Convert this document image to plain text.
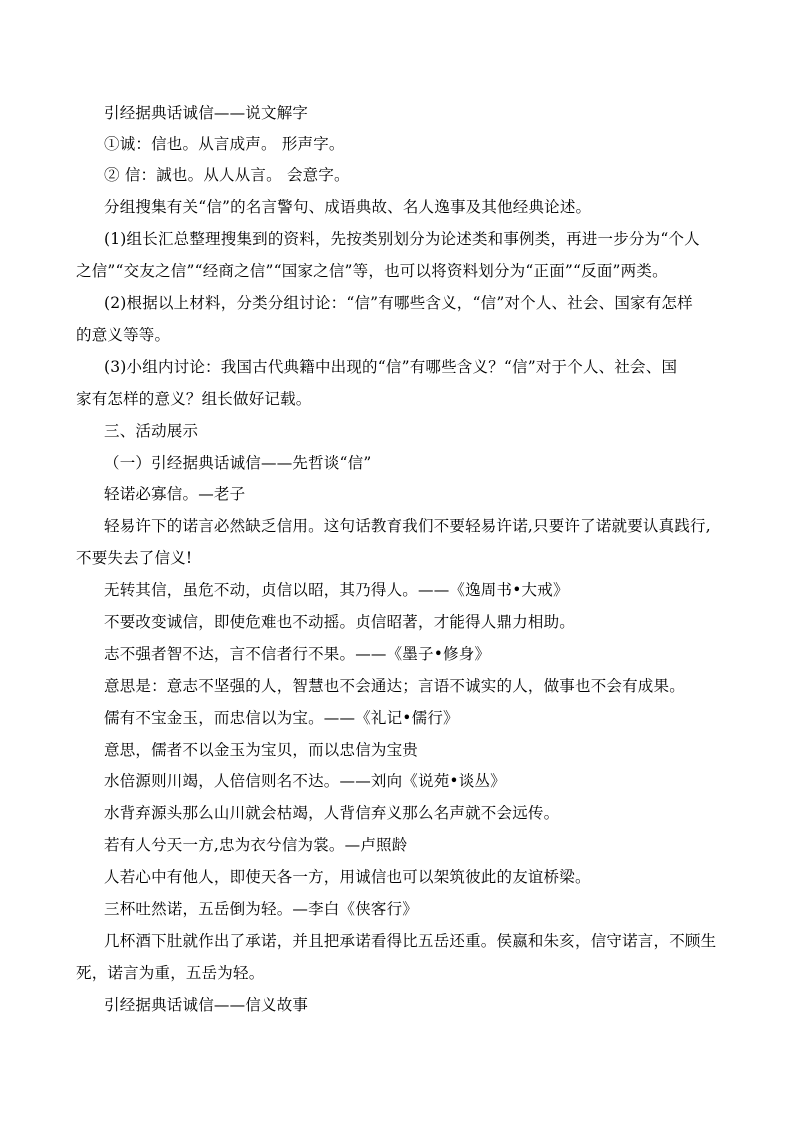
引经据典话诚信——说文解字
①诚：信也。从言成声。 形声字。
② 信：誠也。从人从言。 会意字。
分组搜集有关“信”的名言警句、成语典故、名人逸事及其他经典论述。
(1)组长汇总整理搜集到的资料，先按类别划分为论述类和事例类，再进一步分为“个人
之信”“交友之信”“经商之信”“国家之信”等，也可以将资料划分为“正面”“反面”两类。
(2)根据以上材料，分类分组讨论：“信”有哪些含义，“信”对个人、社会、国家有怎样
的意义等等。
(3)小组内讨论：我国古代典籍中出现的“信”有哪些含义？“信”对于个人、社会、国
家有怎样的意义？组长做好记载。
三、活动展示
（一）引经据典话诚信——先哲谈“信”
轻诺必寡信。—老子
轻易许下的诺言必然缺乏信用。这句话教育我们不要轻易许诺,只要许了诺就要认真践行,
不要失去了信义!
无转其信，虽危不动，贞信以昭，其乃得人。——《逸周书•大戒》
不要改变诚信，即使危难也不动摇。贞信昭著，才能得人鼎力相助。
志不强者智不达，言不信者行不果。——《墨子•修身》
意思是：意志不坚强的人，智慧也不会通达；言语不诚实的人，做事也不会有成果。
儒有不宝金玉，而忠信以为宝。——《礼记•儒行》
意思，儒者不以金玉为宝贝，而以忠信为宝贵
水倍源则川竭，人倍信则名不达。——刘向《说苑•谈丛》
水背弃源头那么山川就会枯竭，人背信弃义那么名声就不会远传。
若有人兮天一方,忠为衣兮信为裳。—卢照龄
人若心中有他人，即使天各一方，用诚信也可以架筑彼此的友谊桥梁。
三杯吐然诺，五岳倒为轻。—李白《侠客行》
几杯酒下肚就作出了承诺，并且把承诺看得比五岳还重。侯嬴和朱亥，信守诺言，不顾生
死，诺言为重，五岳为轻。
引经据典话诚信——信义故事
